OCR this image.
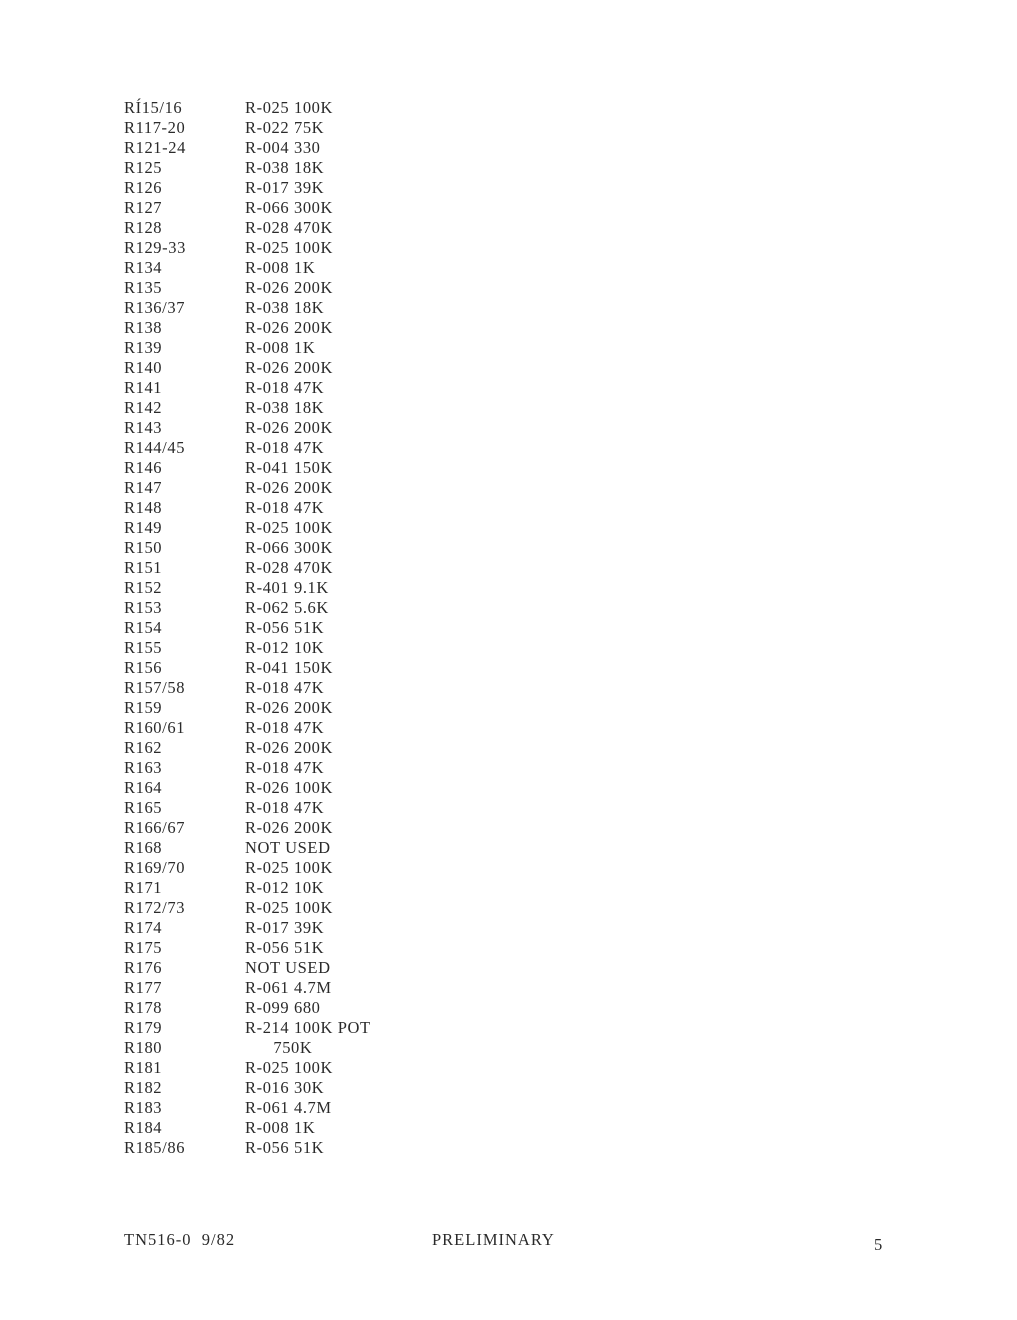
RÍ15/16	R-025 100K
R117-20	R-022 75K
R121-24	R-004 330
R125	R-038 18K
R126	R-017 39K
R127	R-066 300K
R128	R-028 470K
R129-33	R-025 100K
R134	R-008 1K
R135	R-026 200K
R136/37	R-038 18K
R138	R-026 200K
R139	R-008 1K
R140	R-026 200K
R141	R-018 47K
R142	R-038 18K
R143	R-026 200K
R144/45	R-018 47K
R146	R-041 150K
R147	R-026 200K
R148	R-018 47K
R149	R-025 100K
R150	R-066 300K
R151	R-028 470K
R152	R-401 9.1K
R153	R-062 5.6K
R154	R-056 51K
R155	R-012 10K
R156	R-041 150K
R157/58	R-018 47K
R159	R-026 200K
R160/61	R-018 47K
R162	R-026 200K
R163	R-018 47K
R164	R-026 100K
R165	R-018 47K
R166/67	R-026 200K
R168	NOT USED
R169/70	R-025 100K
R171	R-012 10K
R172/73	R-025 100K
R174	R-017 39K
R175	R-056 51K
R176	NOT USED
R177	R-061 4.7M
R178	R-099 680
R179	R-214 100K POT
R180	750K
R181	R-025 100K
R182	R-016 30K
R183	R-061 4.7M
R184	R-008 1K
R185/86	R-056 51K
TN516-0  9/82	PRELIMINARY	5
